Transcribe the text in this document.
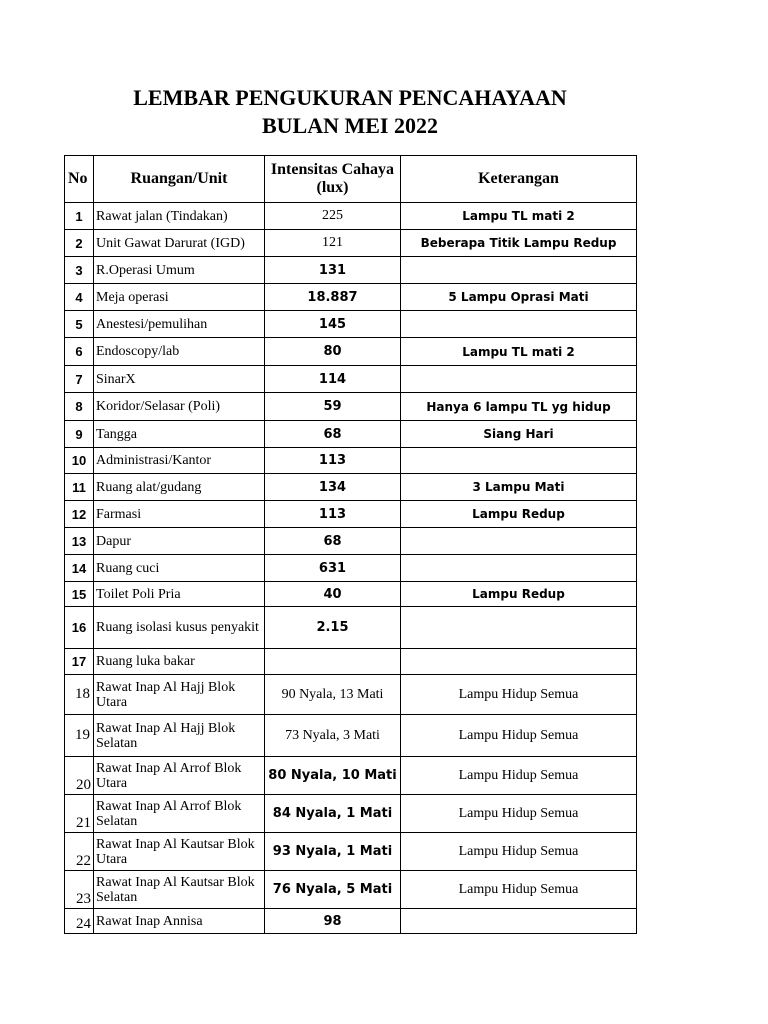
LEMBAR PENGUKURAN PENCAHAYAAN
BULAN MEI 2022
No	Ruangan/Unit	Intensitas Cahaya (lux)	Keterangan
1	Rawat jalan (Tindakan)	225	Lampu TL mati 2
2	Unit Gawat Darurat (IGD)	121	Beberapa Titik Lampu Redup
3	R.Operasi Umum	131	
4	Meja operasi	18.887	5 Lampu Oprasi Mati
5	Anestesi/pemulihan	145	
6	Endoscopy/lab	80	Lampu TL mati 2
7	SinarX	114	
8	Koridor/Selasar (Poli)	59	Hanya 6 lampu TL yg hidup
9	Tangga	68	Siang Hari
10	Administrasi/Kantor	113	
11	Ruang alat/gudang	134	3 Lampu Mati
12	Farmasi	113	Lampu Redup
13	Dapur	68	
14	Ruang cuci	631	
15	Toilet Poli Pria	40	Lampu Redup
16	Ruang isolasi kusus penyakit	2.15	
17	Ruang luka bakar		
18	Rawat Inap Al Hajj Blok Utara	90 Nyala, 13 Mati	Lampu Hidup Semua
19	Rawat Inap Al Hajj Blok Selatan	73 Nyala, 3 Mati	Lampu Hidup Semua
20	Rawat Inap Al Arrof Blok Utara	80 Nyala, 10 Mati	Lampu Hidup Semua
21	Rawat Inap Al Arrof Blok Selatan	84 Nyala, 1 Mati	Lampu Hidup Semua
22	Rawat Inap Al Kautsar Blok Utara	93 Nyala, 1 Mati	Lampu Hidup Semua
23	Rawat Inap Al Kautsar Blok Selatan	76 Nyala, 5 Mati	Lampu Hidup Semua
24	Rawat Inap Annisa	98	
